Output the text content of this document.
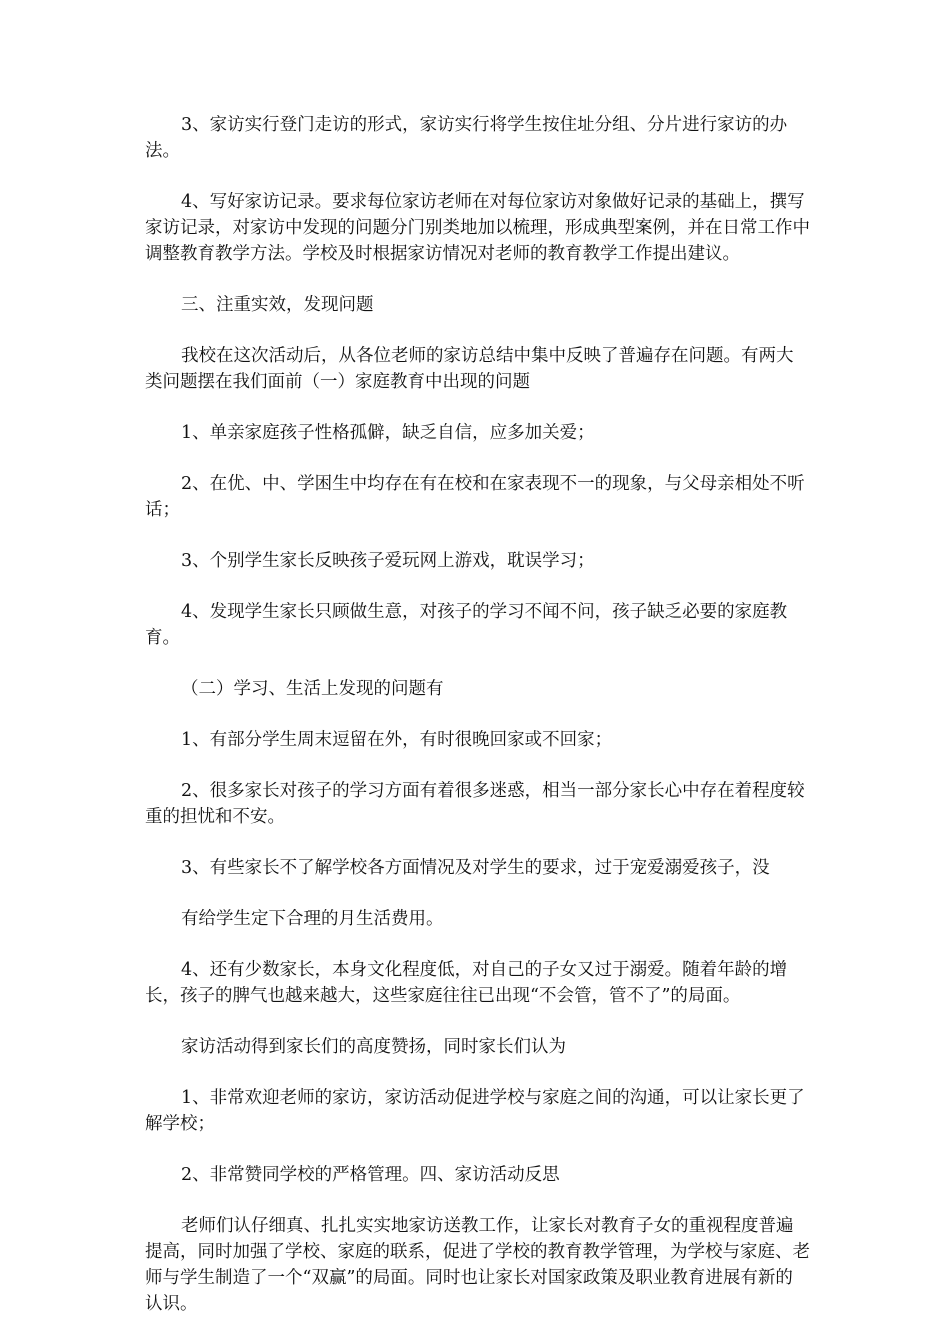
3、家访实行登门走访的形式，家访实行将学生按住址分组、分片进行家访的办法。

4、写好家访记录。要求每位家访老师在对每位家访对象做好记录的基础上，撰写家访记录，对家访中发现的问题分门别类地加以梳理，形成典型案例，并在日常工作中调整教育教学方法。学校及时根据家访情况对老师的教育教学工作提出建议。

三、注重实效，发现问题

我校在这次活动后，从各位老师的家访总结中集中反映了普遍存在问题。有两大类问题摆在我们面前（一）家庭教育中出现的问题

1、单亲家庭孩子性格孤僻，缺乏自信，应多加关爱；

2、在优、中、学困生中均存在有在校和在家表现不一的现象，与父母亲相处不听话；

3、个别学生家长反映孩子爱玩网上游戏，耽误学习；

4、发现学生家长只顾做生意，对孩子的学习不闻不问，孩子缺乏必要的家庭教育。

（二）学习、生活上发现的问题有

1、有部分学生周末逗留在外，有时很晚回家或不回家；

2、很多家长对孩子的学习方面有着很多迷惑，相当一部分家长心中存在着程度较重的担忧和不安。

3、有些家长不了解学校各方面情况及对学生的要求，过于宠爱溺爱孩子，没

有给学生定下合理的月生活费用。

4、还有少数家长，本身文化程度低，对自己的子女又过于溺爱。随着年龄的增长，孩子的脾气也越来越大，这些家庭往往已出现“不会管，管不了”的局面。

家访活动得到家长们的高度赞扬，同时家长们认为

1、非常欢迎老师的家访，家访活动促进学校与家庭之间的沟通，可以让家长更了解学校；

2、非常赞同学校的严格管理。四、家访活动反思

老师们认仔细真、扎扎实实地家访送教工作，让家长对教育子女的重视程度普遍提高，同时加强了学校、家庭的联系，促进了学校的教育教学管理，为学校与家庭、老师与学生制造了一个“双赢”的局面。同时也让家长对国家政策及职业教育进展有新的认识。
